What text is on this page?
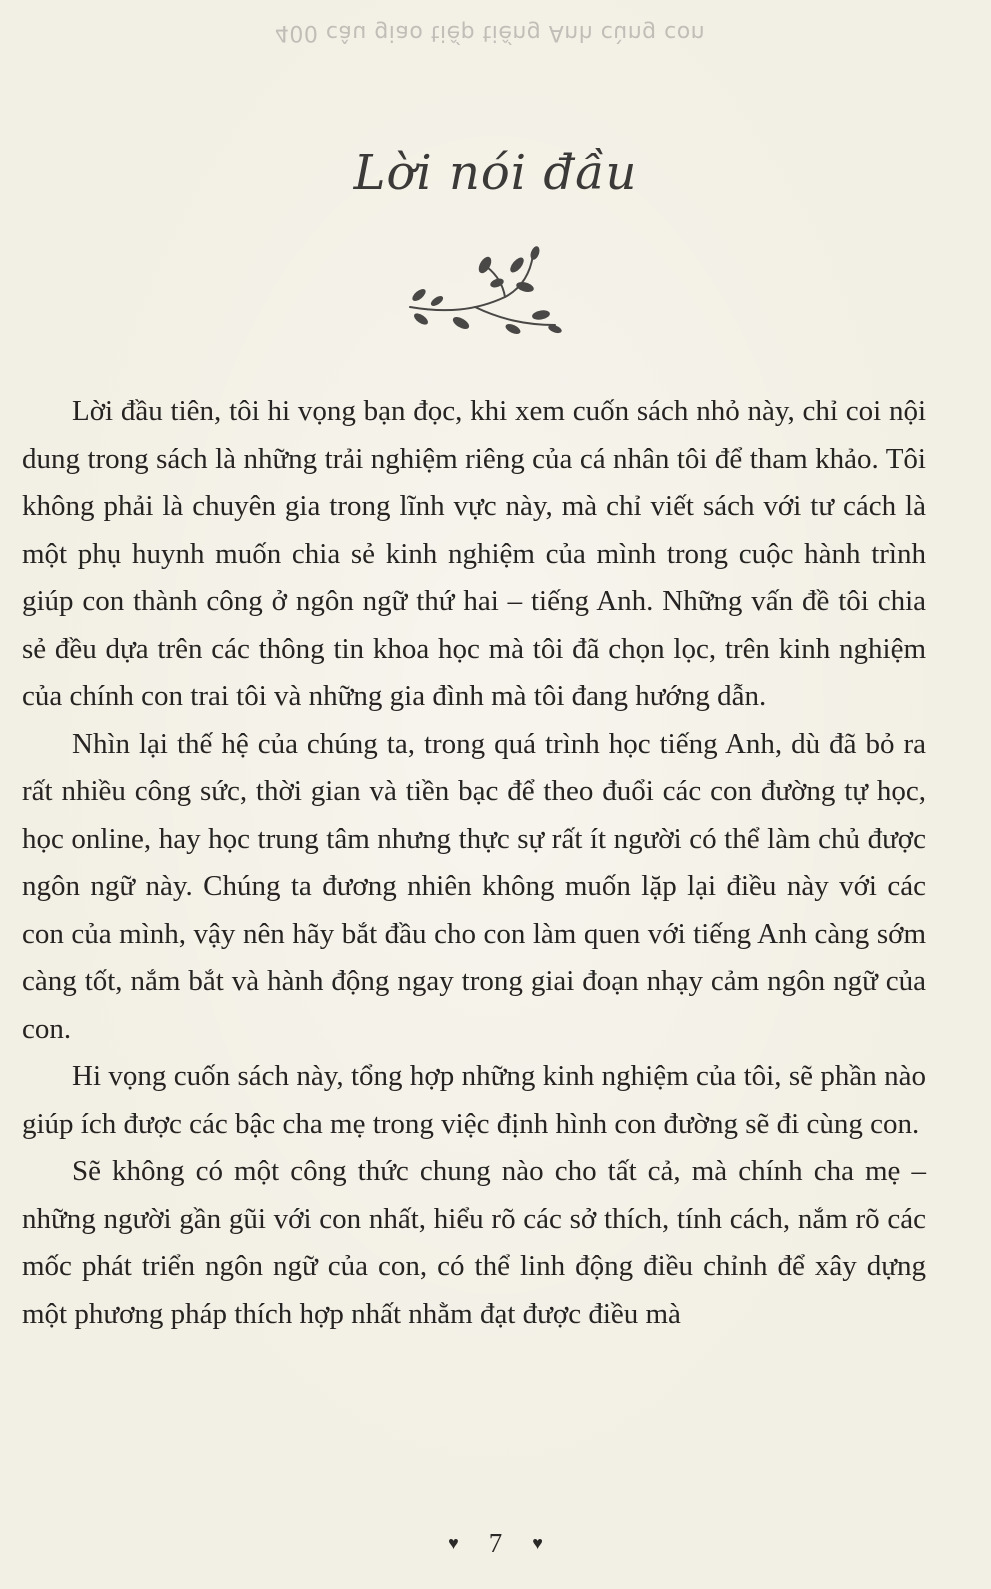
400 câu giao tiếp tiếng Anh cùng con
Lời nói đầu

Lời đầu tiên, tôi hi vọng bạn đọc, khi xem cuốn sách nhỏ này, chỉ coi nội dung trong sách là những trải nghiệm riêng của cá nhân tôi để tham khảo. Tôi không phải là chuyên gia trong lĩnh vực này, mà chỉ viết sách với tư cách là một phụ huynh muốn chia sẻ kinh nghiệm của mình trong cuộc hành trình giúp con thành công ở ngôn ngữ thứ hai – tiếng Anh. Những vấn đề tôi chia sẻ đều dựa trên các thông tin khoa học mà tôi đã chọn lọc, trên kinh nghiệm của chính con trai tôi và những gia đình mà tôi đang hướng dẫn.

Nhìn lại thế hệ của chúng ta, trong quá trình học tiếng Anh, dù đã bỏ ra rất nhiều công sức, thời gian và tiền bạc để theo đuổi các con đường tự học, học online, hay học trung tâm nhưng thực sự rất ít người có thể làm chủ được ngôn ngữ này. Chúng ta đương nhiên không muốn lặp lại điều này với các con của mình, vậy nên hãy bắt đầu cho con làm quen với tiếng Anh càng sớm càng tốt, nắm bắt và hành động ngay trong giai đoạn nhạy cảm ngôn ngữ của con.

Hi vọng cuốn sách này, tổng hợp những kinh nghiệm của tôi, sẽ phần nào giúp ích được các bậc cha mẹ trong việc định hình con đường sẽ đi cùng con.

Sẽ không có một công thức chung nào cho tất cả, mà chính cha mẹ – những người gần gũi với con nhất, hiểu rõ các sở thích, tính cách, nắm rõ các mốc phát triển ngôn ngữ của con, có thể linh động điều chỉnh để xây dựng một phương pháp thích hợp nhất nhằm đạt được điều mà

♥ 7 ♥
